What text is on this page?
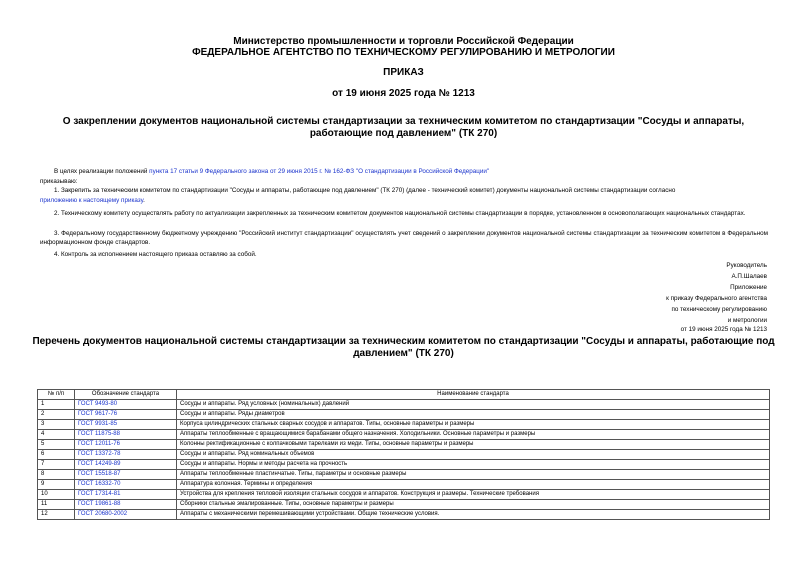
Министерство промышленности и торговли Российской Федерации
ФЕДЕРАЛЬНОЕ АГЕНТСТВО ПО ТЕХНИЧЕСКОМУ РЕГУЛИРОВАНИЮ И МЕТРОЛОГИИ
ПРИКАЗ
от 19 июня 2025 года № 1213
О закреплении документов национальной системы стандартизации за техническим комитетом по стандартизации "Сосуды и аппараты, работающие под давлением" (ТК 270)
В целях реализации положений пункта 17 статьи 9 Федерального закона от 29 июня 2015 г. № 162-ФЗ "О стандартизации в Российской Федерации"
приказываю:
1. Закрепить за техническим комитетом по стандартизации "Сосуды и аппараты, работающие под давлением" (ТК 270) (далее - технический комитет) документы национальной системы стандартизации согласно
приложению к настоящему приказу.
2. Техническому комитету осуществлять работу по актуализации закрепленных за техническим комитетом документов национальной системы стандартизации в порядке, установленном в основополагающих национальных стандартах.
3. Федеральному государственному бюджетному учреждению "Российский институт стандартизации" осуществлять учет сведений о закреплении документов национальной системы стандартизации за техническим комитетом в Федеральном информационном фонде стандартов.
4. Контроль за исполнением настоящего приказа оставляю за собой.
Руководитель
А.П.Шалаев
Приложение
к приказу Федерального агентства
по техническому регулированию
и метрологии
от 19 июня 2025 года № 1213
Перечень документов национальной системы стандартизации за техническим комитетом по стандартизации "Сосуды и аппараты, работающие под давлением" (ТК 270)
№ п/п	Обозначение стандарта	Наименование стандарта
1	ГОСТ 9493-80	Сосуды и аппараты. Ряд условных (номинальных) давлений
2	ГОСТ 9617-76	Сосуды и аппараты. Ряды диаметров
3	ГОСТ 9931-85	Корпуса цилиндрических стальных сварных сосудов и аппаратов. Типы, основные параметры и размеры
4	ГОСТ 11875-88	Аппараты теплообменные с вращающимися барабанами общего назначения. Холодильники. Основные параметры и размеры
5	ГОСТ 12011-76	Колонны ректификационные с колпачковыми тарелками из меди. Типы, основные параметры и размеры
6	ГОСТ 13372-78	Сосуды и аппараты. Ряд номинальных объемов
7	ГОСТ 14249-89	Сосуды и аппараты. Нормы и методы расчета на прочность
8	ГОСТ 15518-87	Аппараты теплообменные пластинчатые. Типы, параметры и основные размеры
9	ГОСТ 16332-70	Аппаратура колонная. Термины и определения
10	ГОСТ 17314-81	Устройства для крепления тепловой изоляции стальных сосудов и аппаратов. Конструкция и размеры. Технические требования
11	ГОСТ 19861-88	Сборники стальные эмалированные. Типы, основные параметры и размеры
12	ГОСТ 20680-2002	Аппараты с механическими перемешивающими устройствами. Общие технические условия.
